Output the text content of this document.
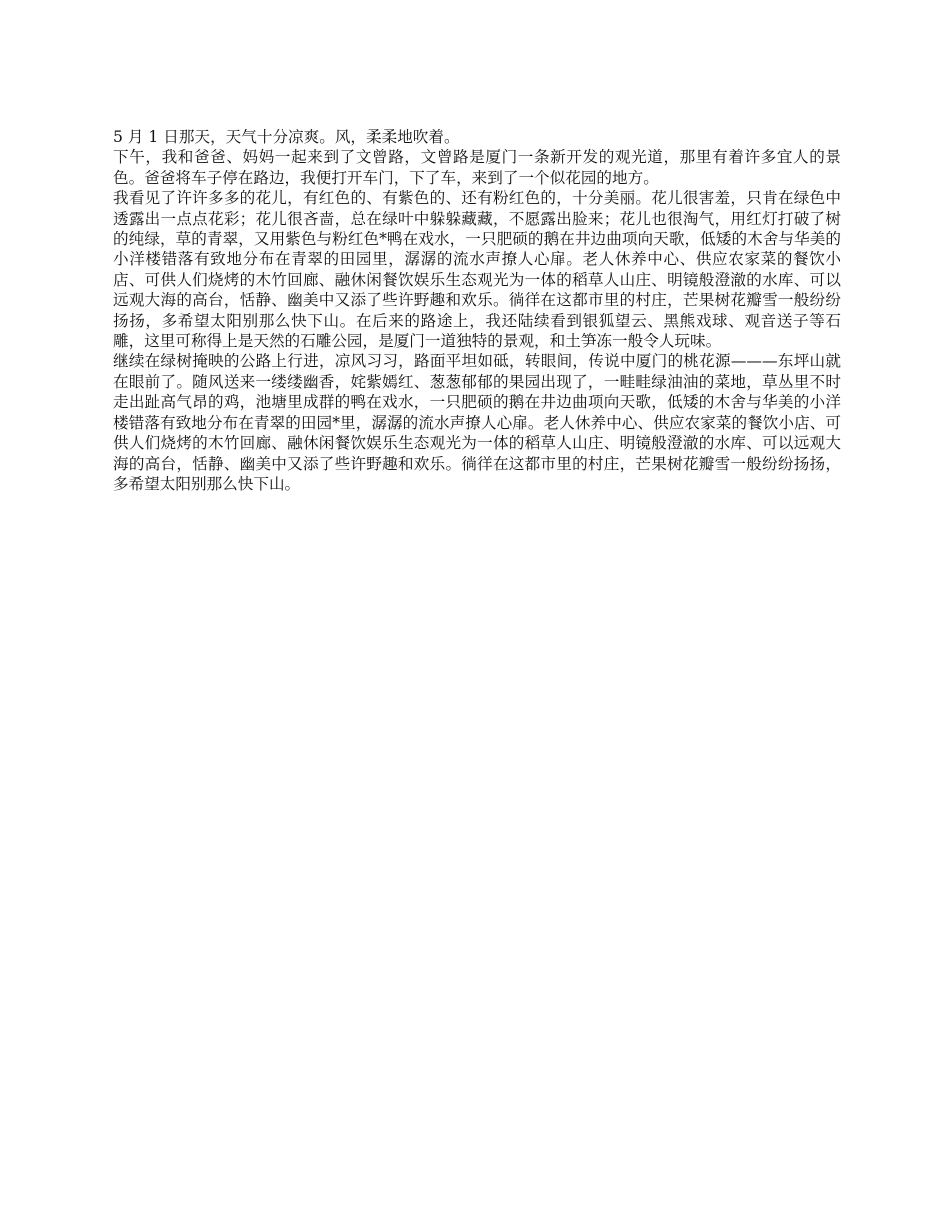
5 月 1 日那天，天气十分凉爽。风，柔柔地吹着。

下午，我和爸爸、妈妈一起来到了文曾路，文曾路是厦门一条新开发的观光道，那里有着许多宜人的景色。爸爸将车子停在路边，我便打开车门，下了车，来到了一个似花园的地方。

我看见了许许多多的花儿，有红色的、有紫色的、还有粉红色的，十分美丽。花儿很害羞，只肯在绿色中透露出一点点花彩；花儿很吝啬，总在绿叶中躲躲藏藏，不愿露出脸来；花儿也很淘气，用红灯打破了树的纯绿，草的青翠，又用紫色与粉红色*鸭在戏水，一只肥硕的鹅在井边曲项向天歌，低矮的木舍与华美的小洋楼错落有致地分布在青翠的田园里，潺潺的流水声撩人心扉。老人休养中心、供应农家菜的餐饮小店、可供人们烧烤的木竹回廊、融休闲餐饮娱乐生态观光为一体的稻草人山庄、明镜般澄澈的水库、可以远观大海的高台，恬静、幽美中又添了些许野趣和欢乐。徜徉在这都市里的村庄，芒果树花瓣雪一般纷纷扬扬，多希望太阳别那么快下山。在后来的路途上，我还陆续看到银狐望云、黑熊戏球、观音送子等石雕，这里可称得上是天然的石雕公园，是厦门一道独特的景观，和土笋冻一般令人玩味。

继续在绿树掩映的公路上行进，凉风习习，路面平坦如砥，转眼间，传说中厦门的桃花源———东坪山就在眼前了。随风送来一缕缕幽香，姹紫嫣红、葱葱郁郁的果园出现了，一畦畦绿油油的菜地，草丛里不时走出趾高气昂的鸡，池塘里成群的鸭在戏水，一只肥硕的鹅在井边曲项向天歌，低矮的木舍与华美的小洋楼错落有致地分布在青翠的田园*里，潺潺的流水声撩人心扉。老人休养中心、供应农家菜的餐饮小店、可供人们烧烤的木竹回廊、融休闲餐饮娱乐生态观光为一体的稻草人山庄、明镜般澄澈的水库、可以远观大海的高台，恬静、幽美中又添了些许野趣和欢乐。徜徉在这都市里的村庄，芒果树花瓣雪一般纷纷扬扬，多希望太阳别那么快下山。
